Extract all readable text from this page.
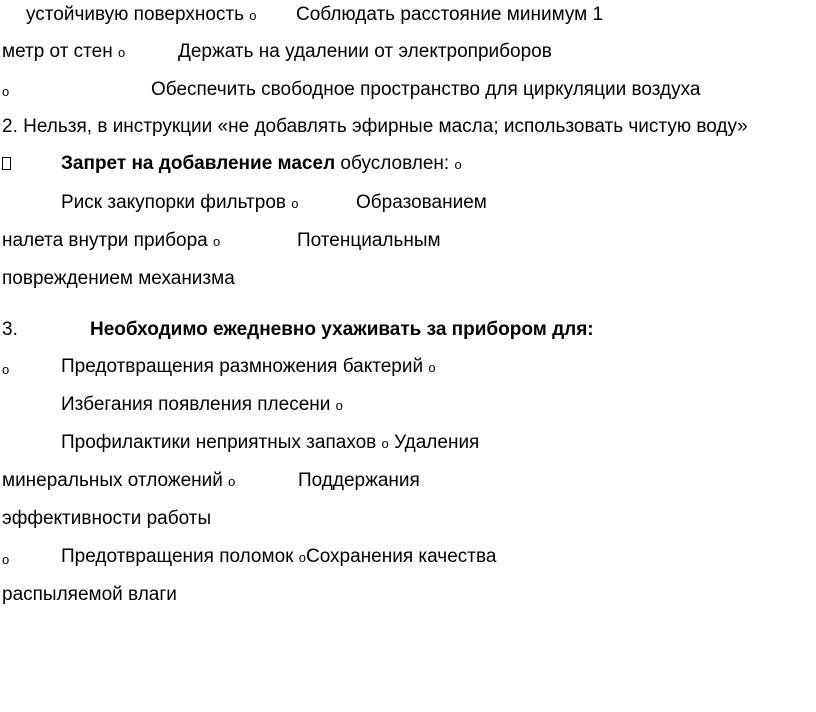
устойчивую поверхность o Соблюдать расстояние минимум 1
метр от стен o	Держать на удалении от электроприборов
o	Обеспечить свободное пространство для циркуляции воздуха
2. Нельзя, в инструкции «не добавлять эфирные масла; использовать чистую воду»
Запрет на добавление масел обусловлен: o
Риск закупорки фильтров o	Образованием
налета внутри прибора o	Потенциальным
повреждением механизма
3.	Необходимо ежедневно ухаживать за прибором для:
o	Предотвращения размножения бактерий o
Избегания появления плесени o
Профилактики неприятных запахов o Удаления
минеральных отложений o	Поддержания
эффективности работы
o	Предотвращения поломок oСохранения качества
распыляемой влаги
